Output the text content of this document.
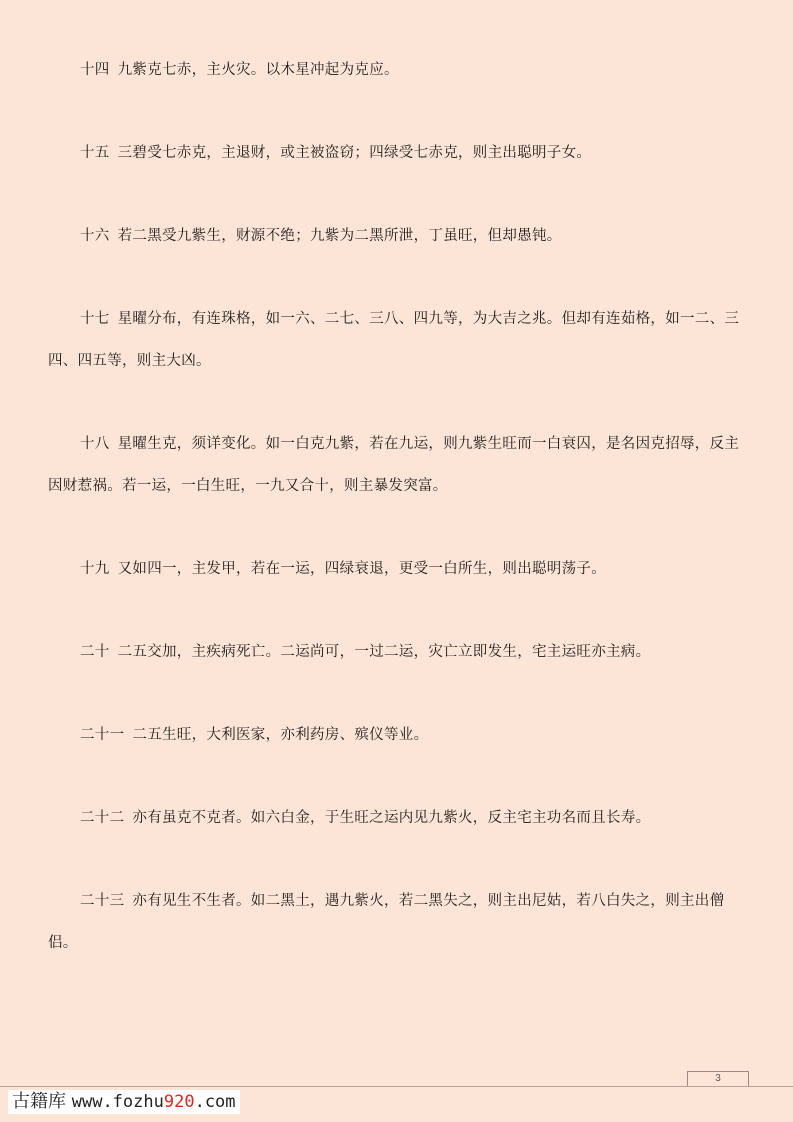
十四 九紫克七赤，主火灾。以木星冲起为克应。

十五 三碧受七赤克，主退财，或主被盗窃；四绿受七赤克，则主出聪明子女。

十六 若二黑受九紫生，财源不绝；九紫为二黑所泄，丁虽旺，但却愚钝。

十七 星曜分布，有连珠格，如一六、二七、三八、四九等，为大吉之兆。但却有连茹格，如一二、三四、四五等，则主大凶。

十八 星曜生克，须详变化。如一白克九紫，若在九运，则九紫生旺而一白衰囚，是名因克招辱，反主因财惹祸。若一运，一白生旺，一九又合十，则主暴发突富。

十九 又如四一，主发甲，若在一运，四绿衰退，更受一白所生，则出聪明荡子。

二十 二五交加，主疾病死亡。二运尚可，一过二运，灾亡立即发生，宅主运旺亦主病。

二十一 二五生旺，大利医家，亦利药房、殡仪等业。

二十二 亦有虽克不克者。如六白金，于生旺之运内见九紫火，反主宅主功名而且长寿。

二十三 亦有见生不生者。如二黑土，遇九紫火，若二黑失之，则主出尼姑，若八白失之，则主出僧侣。

3
古籍库 www.fozhu920.com
